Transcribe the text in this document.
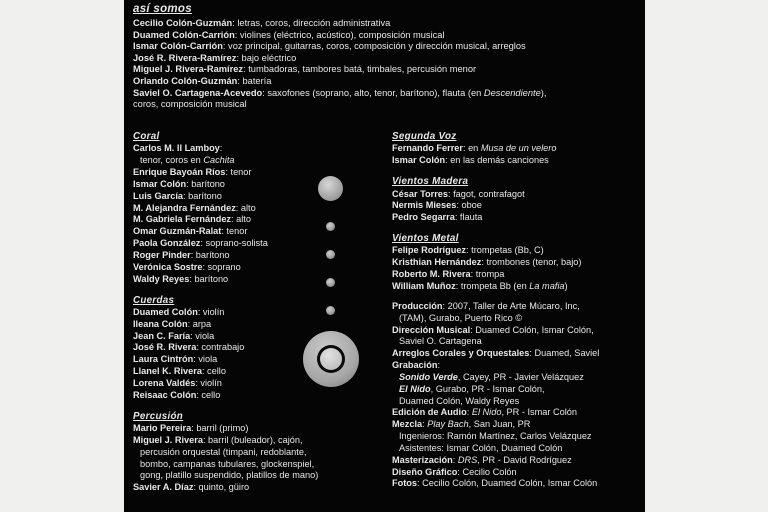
así somos
Cecilio Colón-Guzmán: letras, coros, dirección administrativa
Duamed Colón-Carrión: violines (eléctrico, acústico), composición musical
Ismar Colón-Carrión: voz principal, guitarras, coros, composición y dirección musical, arreglos
José R. Rivera-Ramírez: bajo eléctrico
Miguel J. Rivera-Ramírez: tumbadoras, tambores batá, timbales, percusión menor
Orlando Colón-Guzmán: batería
Saviel O. Cartagena-Acevedo: saxofones (soprano, alto, tenor, barítono), flauta (en Descendiente),
coros, composición musical
Coral
Carlos M. II Lamboy:
tenor, coros en Cachita
Enrique Bayoán Ríos: tenor
Ismar Colón: barítono
Luis García: barítono
M. Alejandra Fernández: alto
M. Gabriela Fernández: alto
Omar Guzmán-Ralat: tenor
Paola González: soprano-solista
Roger Pinder: barítono
Verónica Sostre: soprano
Waldy Reyes: barítono
Cuerdas
Duamed Colón: violín
Ileana Colón: arpa
Jean C. Faría: viola
José R. Rivera: contrabajo
Laura Cintrón: viola
Llanel K. Rivera: cello
Lorena Valdés: violín
Reisaac Colón: cello
Percusión
Mario Pereira: barril (primo)
Miguel J. Rivera: barril (buleador), cajón,
percusión orquestal (timpani, redoblante,
bombo, campanas tubulares, glockenspiel,
gong, platillo suspendido, platillos de mano)
Savier A. Díaz: quinto, güiro
Segunda Voz
Fernando Ferrer: en Musa de un velero
Ismar Colón: en las demás canciones
Vientos Madera
César Torres: fagot, contrafagot
Nermis Mieses: oboe
Pedro Segarra: flauta
Vientos Metal
Felipe Rodríguez: trompetas (Bb, C)
Kristhian Hernández: trombones (tenor, bajo)
Roberto M. Rivera: trompa
William Muñoz: trompeta Bb (en La mafia)
Producción: 2007, Taller de Arte Múcaro, Inc,
(TAM), Gurabo, Puerto Rico ©
Dirección Musical: Duamed Colón, Ismar Colón,
Saviel O. Cartagena
Arreglos Corales y Orquestales: Duamed, Saviel
Grabación:
Sonido Verde, Cayey, PR - Javier Velázquez
El Nido, Gurabo, PR - Ismar Colón,
Duamed Colón, Waldy Reyes
Edición de Audio: El Nido, PR - Ismar Colón
Mezcla: Play Bach, San Juan, PR
Ingenieros: Ramón Martínez, Carlos Velázquez
Asistentes: Ismar Colón, Duamed Colón
Masterización: DRS, PR - David Rodríguez
Diseño Gráfico: Cecilio Colón
Fotos: Cecilio Colón, Duamed Colón, Ismar Colón
